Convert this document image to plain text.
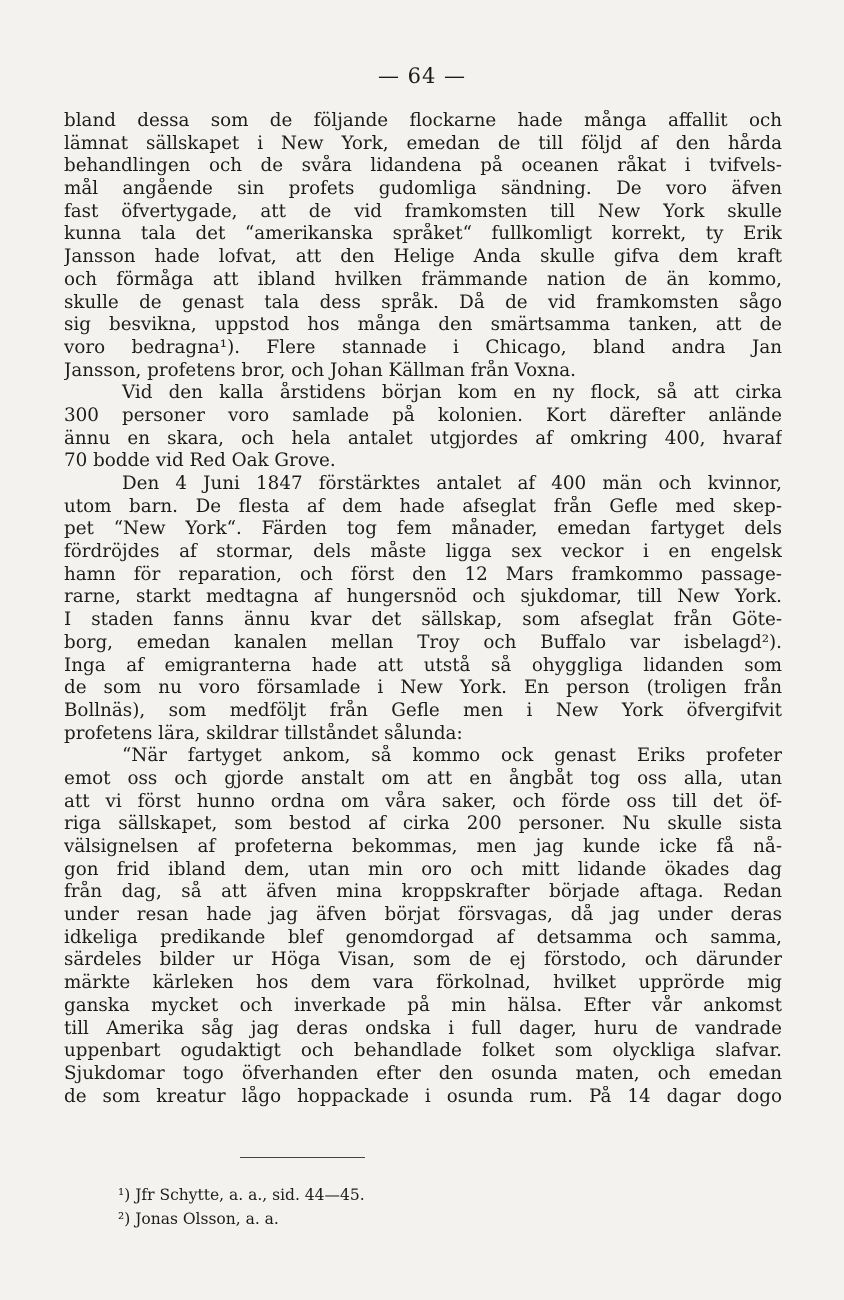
— 64 —
bland dessa som de följande flockarne hade många affallit och
lämnat sällskapet i New York, emedan de till följd af den hårda
behandlingen och de svåra lidandena på oceanen råkat i tvifvels-
mål angående sin profets gudomliga sändning. De voro äfven
fast öfvertygade, att de vid framkomsten till New York skulle
kunna tala det “amerikanska språket“ fullkomligt korrekt, ty Erik
Jansson hade lofvat, att den Helige Anda skulle gifva dem kraft
och förmåga att ibland hvilken främmande nation de än kommo,
skulle de genast tala dess språk. Då de vid framkomsten sågo
sig besvikna, uppstod hos många den smärtsamma tanken, att de
voro bedragna¹). Flere stannade i Chicago, bland andra Jan
Jansson, profetens bror, och Johan Källman från Voxna.
Vid den kalla årstidens början kom en ny flock, så att cirka
300 personer voro samlade på kolonien. Kort därefter anlände
ännu en skara, och hela antalet utgjordes af omkring 400, hvaraf
70 bodde vid Red Oak Grove.
Den 4 Juni 1847 förstärktes antalet af 400 män och kvinnor,
utom barn. De flesta af dem hade afseglat från Gefle med skep-
pet “New York“. Färden tog fem månader, emedan fartyget dels
fördröjdes af stormar, dels måste ligga sex veckor i en engelsk
hamn för reparation, och först den 12 Mars framkommo passage-
rarne, starkt medtagna af hungersnöd och sjukdomar, till New York.
I staden fanns ännu kvar det sällskap, som afseglat från Göte-
borg, emedan kanalen mellan Troy och Buffalo var isbelagd²).
Inga af emigranterna hade att utstå så ohyggliga lidanden som
de som nu voro församlade i New York. En person (troligen från
Bollnäs), som medföljt från Gefle men i New York öfvergifvit
profetens lära, skildrar tillståndet sålunda:
“När fartyget ankom, så kommo ock genast Eriks profeter
emot oss och gjorde anstalt om att en ångbåt tog oss alla, utan
att vi först hunno ordna om våra saker, och förde oss till det öf-
riga sällskapet, som bestod af cirka 200 personer. Nu skulle sista
välsignelsen af profeterna bekommas, men jag kunde icke få nå-
gon frid ibland dem, utan min oro och mitt lidande ökades dag
från dag, så att äfven mina kroppskrafter började aftaga. Redan
under resan hade jag äfven börjat försvagas, då jag under deras
idkeliga predikande blef genomdorgad af detsamma och samma,
särdeles bilder ur Höga Visan, som de ej förstodo, och därunder
märkte kärleken hos dem vara förkolnad, hvilket upprörde mig
ganska mycket och inverkade på min hälsa. Efter vår ankomst
till Amerika såg jag deras ondska i full dager, huru de vandrade
uppenbart ogudaktigt och behandlade folket som olyckliga slafvar.
Sjukdomar togo öfverhanden efter den osunda maten, och emedan
de som kreatur lågo hoppackade i osunda rum. På 14 dagar dogo
¹) Jfr Schytte, a. a., sid. 44—45.
²) Jonas Olsson, a. a.
